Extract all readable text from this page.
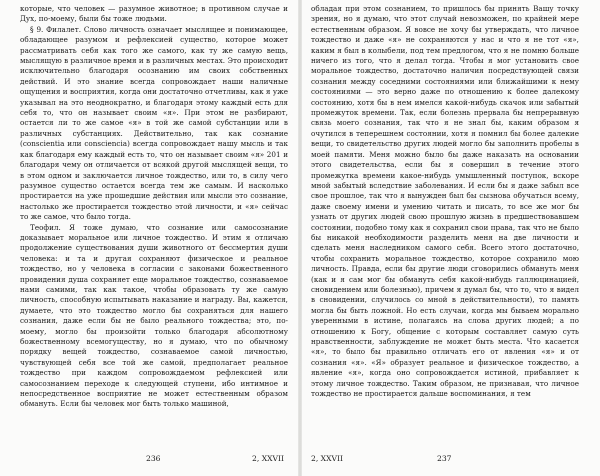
которые, что человек — разумное животное; в противном случае и Дух, по-моему, были бы тоже людьми.

§ 9. Филалет. Слово личность означает мыслящее и понимающее, обладающее разумом и рефлексией существо, которое может рассматривать себя как того же самого, как ту же самую вещь, мыслящую в различное время и в различных местах. Это происходит исключительно благодаря осознанию им своих собственных действий. И это знание всегда сопровождает наши наличные ощущения и восприятия, когда они достаточно отчетливы, как я уже указывал на это неоднократно, и благодаря этому каждый есть для себя то, что он называет своим «я». При этом не разбирают, остается ли то же самое «я» в той же самой субстанции или в различных субстанциях. Действительно, так как сознание (conscientia или consciencia) всегда сопровождает нашу мысль и так как благодаря ему каждый есть то, что он называет своим «я» 201 и благодаря чему он отличается от всякой другой мыслящей вещи, то в этом одном и заключается личное тождество, или то, в силу чего разумное существо остается всегда тем же самым. И насколько простирается на уже прошедшие действия или мысли это сознание, настолько же простирается тождество этой личности, и «я» сейчас то же самое, что было тогда.

Теофил. Я тоже думаю, что сознание или самосознание доказывает моральное или личное тождество. И этим я отличаю продолжение существования души животного от бессмертия души человека: и та и другая сохраняют физическое и реальное тождество, но у человека в согласии с законами божественного провидения душа сохраняет еще моральное тождество, сознаваемое нами самими, так как такое, чтобы образовать ту же самую личность, способную испытывать наказание и награду. Вы, кажется, думаете, что это тождество могло бы сохраняться для нашего сознания, даже если бы не было реального тождества; это, по-моему, могло бы произойти только благодаря абсолютному божественному всемогуществу, но я думаю, что по обычному порядку вещей тождество, сознаваемое самой личностью, чувствующей себя все той же самой, предполагает реальное тождество при каждом сопровождаемом рефлексией или самосознанием переходе к следующей ступени, ибо интимное и непосредственное восприятие не может естественным образом обмануть. Если бы человек мог быть только машиной,

обладая при этом сознанием, то пришлось бы принять Вашу точку зрения, но я думаю, что этот случай невозможен, по крайней мере естественным образом. Я вовсе не хочу бы утверждать, что личное тождество и даже «я» не сохраняются у нас и что я не тот «я», каким я был в колыбели, под тем предлогом, что я не помню больше ничего из того, что я делал тогда. Чтобы я мог установить свое моральное тождество, достаточно наличия посредствующей связи сознания между соседними состояниями или ближайшими к нему состояниями — это верно даже по отношению к более далекому состоянию, хотя бы в нем имелся какой-нибудь скачок или забытый промежуток времени. Так, если болезнь прервала бы непрерывную связь моего сознания, так что я не знал бы, каким образом я очутился в теперешнем состоянии, хотя я помнил бы более далекие вещи, то свидетельство других людей могло бы заполнить пробелы в моей памяти. Меня можно было бы даже наказать на основании этого свидетельства, если бы я совершил в течение этого промежутка времени какое-нибудь умышленный поступок, вскоре мной забытый вследствие заболевания. И если бы я даже забыл все свое прошлое, так что я вынужден был бы сызнова обучаться всему, даже своему имени и умению читать и писать, то все же мог бы узнать от других людей свою прошлую жизнь в предшествовавшем состоянии, подобно тому как я сохранил свои права, так что не было бы никакой необходимости разделить меня на две личности и сделать меня наследником самого себя. Всего этого достаточно, чтобы сохранить моральное тождество, которое сохранило мою личность. Правда, если бы другие люди сговорились обмануть меня (как и я сам мог бы обмануть себя какой-нибудь галлюцинацией, сновидением или болезнью), причем я думал бы, что то, что я видел в сновидении, случилось со мной в действительности), то память могла бы быть ложной. Но есть случаи, когда мы бываем морально уверенными в истине, полагаясь на слова других людей; а по отношению к Богу, общение с которым составляет самую суть нравственности, заблуждение не может быть места. Что касается «я», то было бы правильно отличать его от явления «я» и от сознания «я». «Я» образует реальное и физическое тождество, а явление «я», когда оно сопровождается истиной, прибавляет к этому личное тождество. Таким образом, не признавая, что личное тождество не простирается дальше воспоминания, я тем

236	2, XXVII	2, XXVII	237
